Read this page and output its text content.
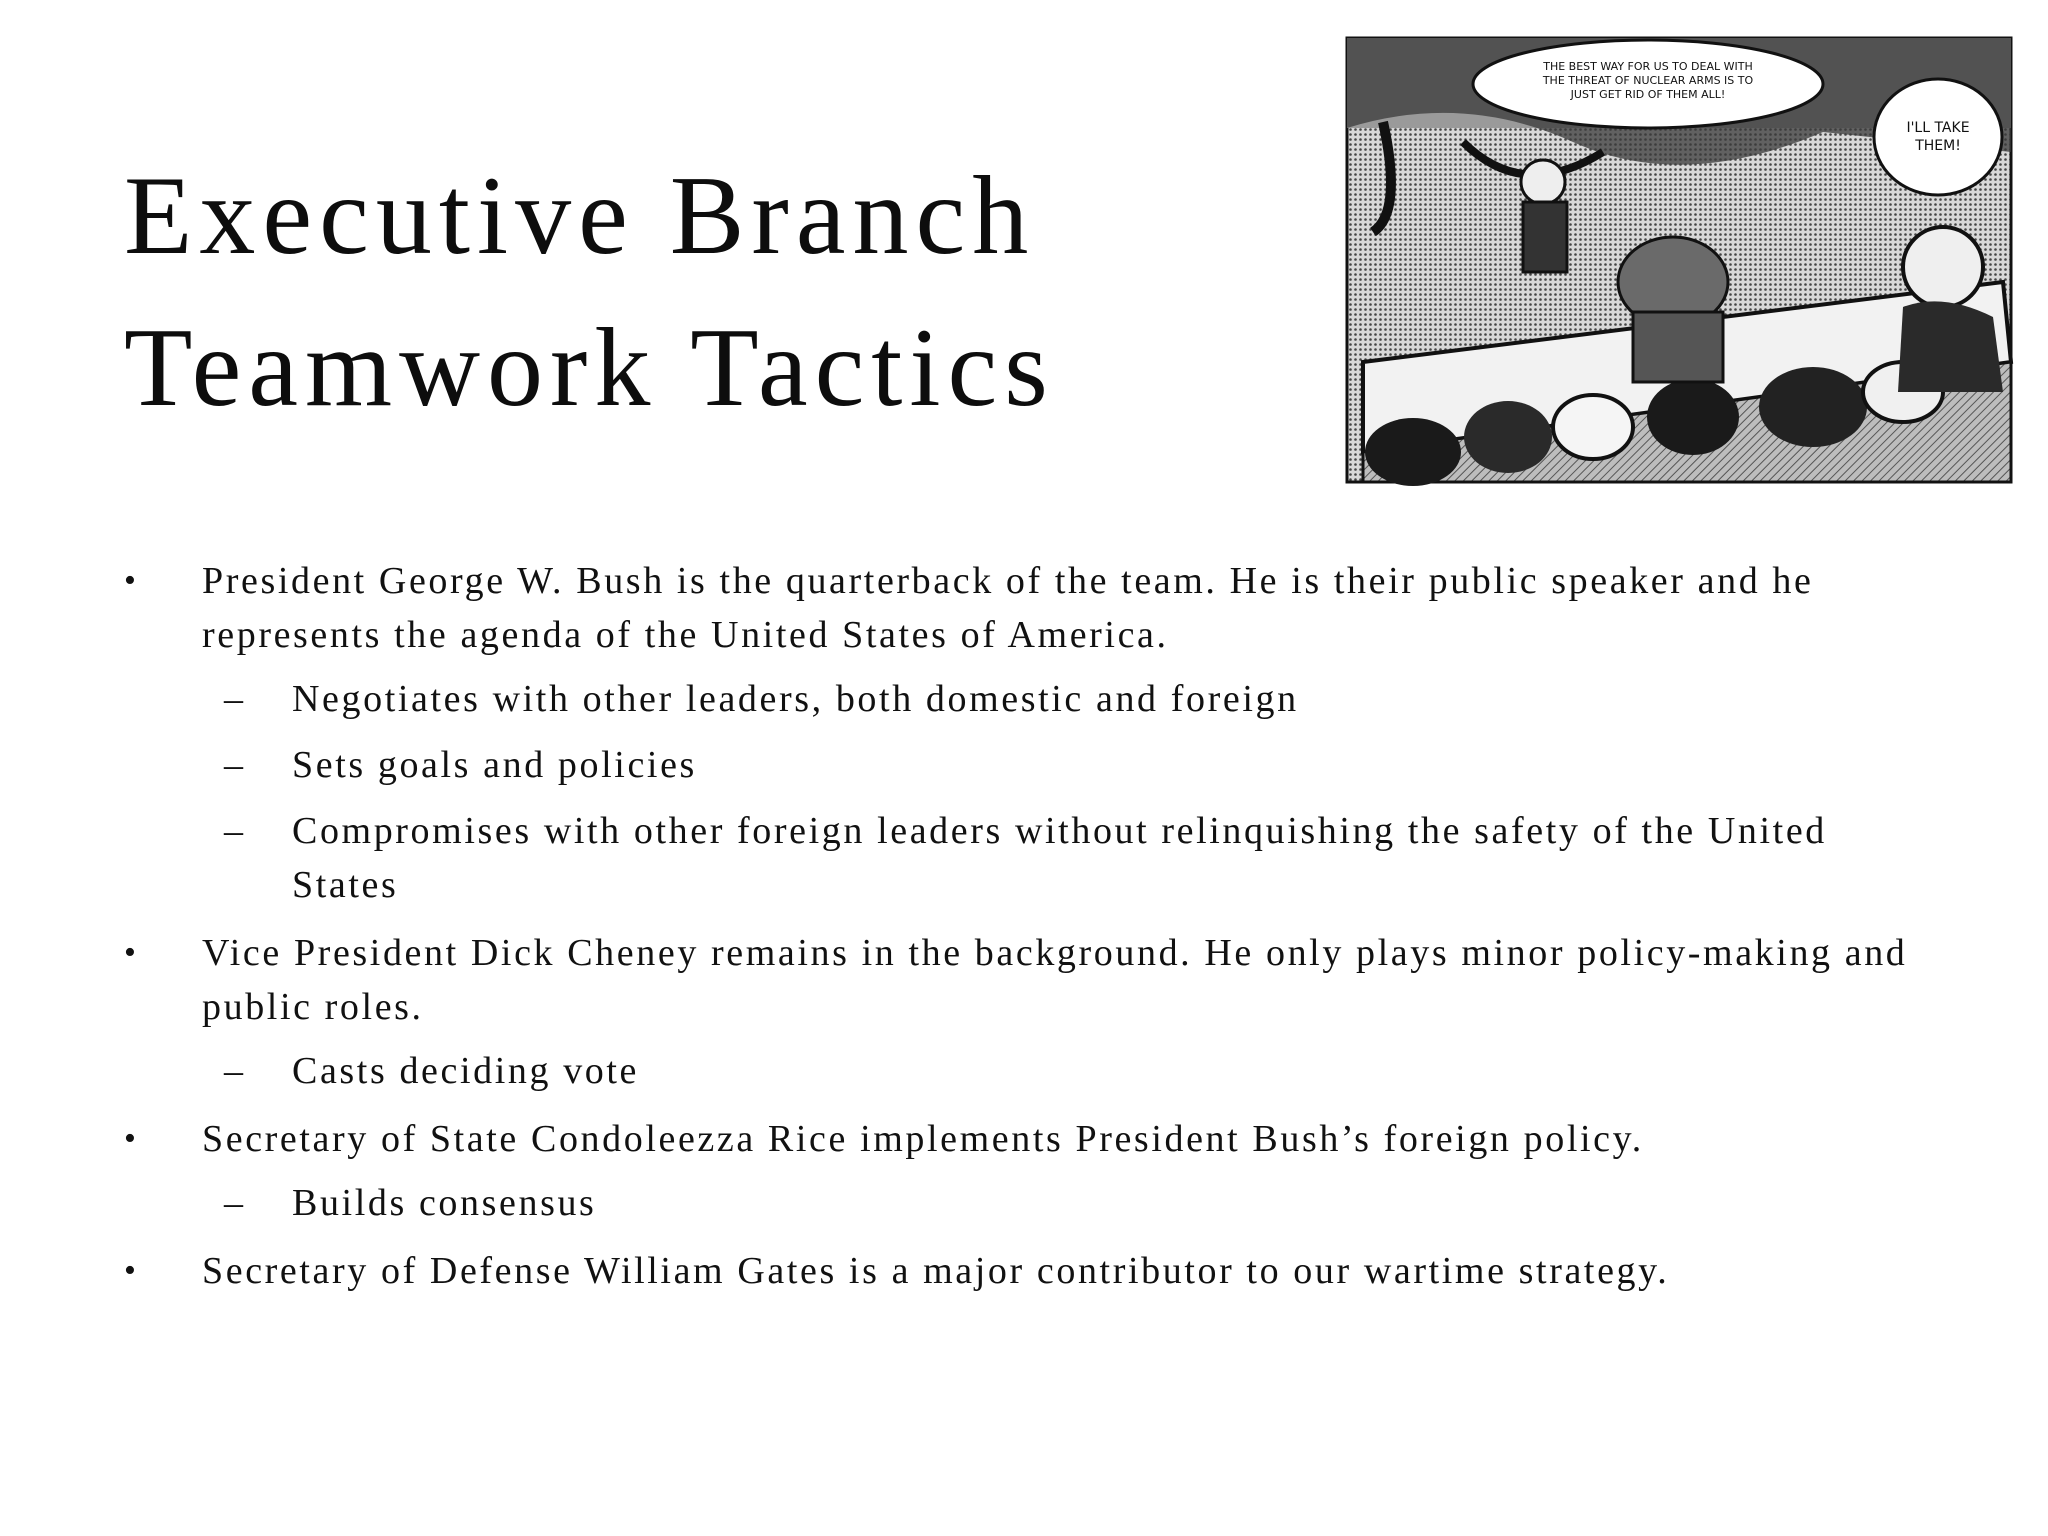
Executive Branch
Teamwork Tactics
THE BEST WAY FOR US TO DEAL WITH
THE THREAT OF NUCLEAR ARMS IS TO
JUST GET RID OF THEM ALL!
I'LL TAKE
THEM!
• President George W. Bush is the quarterback of the team. He is their public speaker and he represents the agenda of the United States of America.
– Negotiates with other leaders, both domestic and foreign
– Sets goals and policies
– Compromises with other foreign leaders without relinquishing the safety of the United States
• Vice President Dick Cheney remains in the background. He only plays minor policy-making and public roles.
– Casts deciding vote
• Secretary of State Condoleezza Rice implements President Bush’s foreign policy.
– Builds consensus
• Secretary of Defense William Gates is a major contributor to our wartime strategy.
